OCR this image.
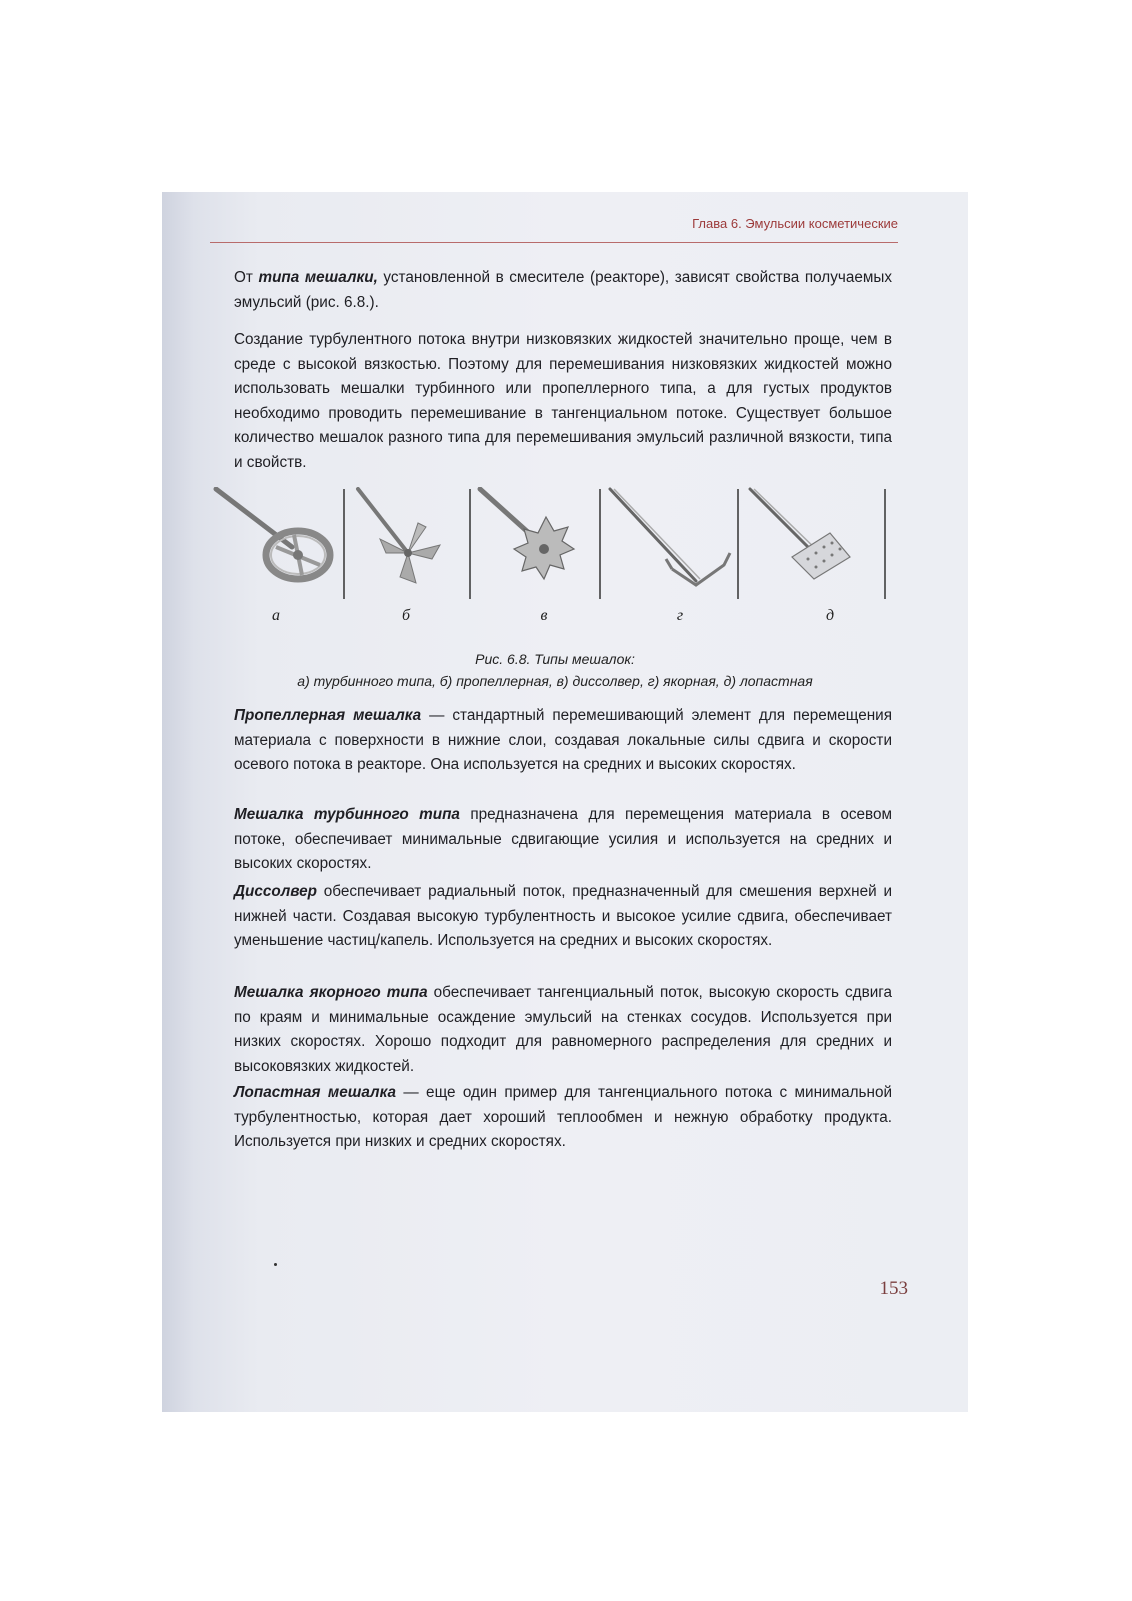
Глава 6. Эмульсии косметические

От типа мешалки, установленной в смесителе (реакторе), зависят свойства получаемых эмульсий (рис. 6.8.).

Создание турбулентного потока внутри низковязких жидкостей значительно проще, чем в среде с высокой вязкостью. Поэтому для перемешивания низковязких жидкостей можно использовать мешалки турбинного или пропеллерного типа, а для густых продуктов необходимо проводить перемешивание в тангенциальном потоке. Существует большое количество мешалок разного типа для перемешивания эмульсий различной вязкости, типа и свойств.

а	б	в	г	д
Рис. 6.8. Типы мешалок:
а) турбинного типа, б) пропеллерная, в) диссолвер, г) якорная, д) лопастная

Пропеллерная мешалка — стандартный перемешивающий элемент для перемещения материала с поверхности в нижние слои, создавая локальные силы сдвига и скорости осевого потока в реакторе. Она используется на средних и высоких скоростях.

Мешалка турбинного типа предназначена для перемещения материала в осевом потоке, обеспечивает минимальные сдвигающие усилия и используется на средних и высоких скоростях.

Диссолвер обеспечивает радиальный поток, предназначенный для смешения верхней и нижней части. Создавая высокую турбулентность и высокое усилие сдвига, обеспечивает уменьшение частиц/капель. Используется на средних и высоких скоростях.

Мешалка якорного типа обеспечивает тангенциальный поток, высокую скорость сдвига по краям и минимальные осаждение эмульсий на стенках сосудов. Используется при низких скоростях. Хорошо подходит для равномерного распределения для средних и высоковязких жидкостей.

Лопастная мешалка — еще один пример для тангенциального потока с минимальной турбулентностью, которая дает хороший теплообмен и нежную обработку продукта. Используется при низких и средних скоростях.

153
